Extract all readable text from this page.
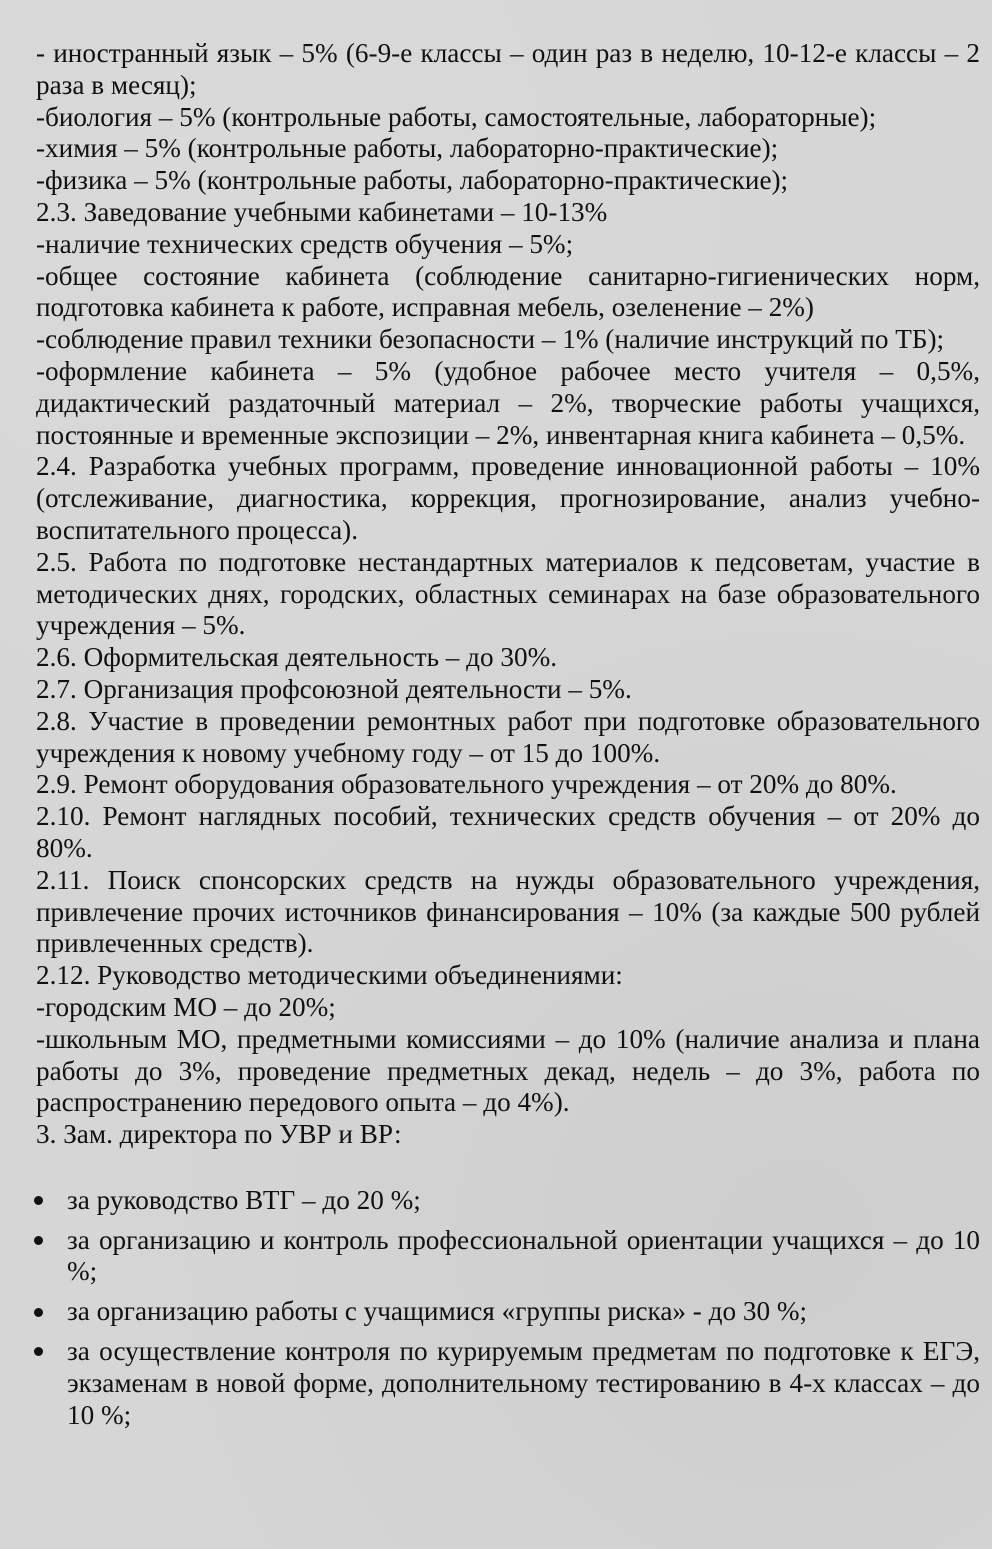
- иностранный язык – 5% (6-9-е классы – один раз в неделю, 10-12-е классы – 2 раза в месяц);

-биология – 5% (контрольные работы, самостоятельные, лабораторные);

-химия – 5% (контрольные работы, лабораторно-практические);

-физика – 5% (контрольные работы, лабораторно-практические);

2.3. Заведование учебными кабинетами – 10-13%

-наличие технических средств обучения – 5%;

-общее состояние кабинета (соблюдение санитарно-гигиенических норм, подготовка кабинета к работе, исправная мебель, озеленение – 2%)

-соблюдение правил техники безопасности – 1% (наличие инструкций по ТБ);

-оформление кабинета – 5% (удобное рабочее место учителя – 0,5%, дидактический раздаточный материал – 2%, творческие работы учащихся, постоянные и временные экспозиции – 2%, инвентарная книга кабинета – 0,5%.

2.4. Разработка учебных программ, проведение инновационной работы – 10% (отслеживание, диагностика, коррекция, прогнозирование, анализ учебно-воспитательного процесса).

2.5. Работа по подготовке нестандартных материалов к педсоветам, участие в методических днях, городских, областных семинарах на базе образовательного учреждения – 5%.

2.6. Оформительская деятельность – до 30%.

2.7. Организация профсоюзной деятельности – 5%.

2.8. Участие в проведении ремонтных работ при подготовке образовательного учреждения к новому учебному году – от 15 до 100%.

2.9. Ремонт оборудования образовательного учреждения – от 20% до 80%.

2.10. Ремонт наглядных пособий, технических средств обучения – от 20% до 80%.

2.11. Поиск спонсорских средств на нужды образовательного учреждения, привлечение прочих источников финансирования – 10% (за каждые 500 рублей привлеченных средств).

2.12. Руководство методическими объединениями:

-городским МО – до 20%;

-школьным МО, предметными комиссиями – до 10% (наличие анализа и плана работы до 3%, проведение предметных декад, недель – до 3%, работа по распространению передового опыта – до 4%).

3. Зам. директора по УВР и ВР:

за руководство ВТГ – до 20 %;
за организацию и контроль профессиональной ориентации учащихся – до 10 %;
за организацию работы с учащимися «группы риска» - до 30 %;
за осуществление контроля по курируемым предметам по подготовке к ЕГЭ, экзаменам в новой форме, дополнительному тестированию в 4-х классах – до 10 %;
